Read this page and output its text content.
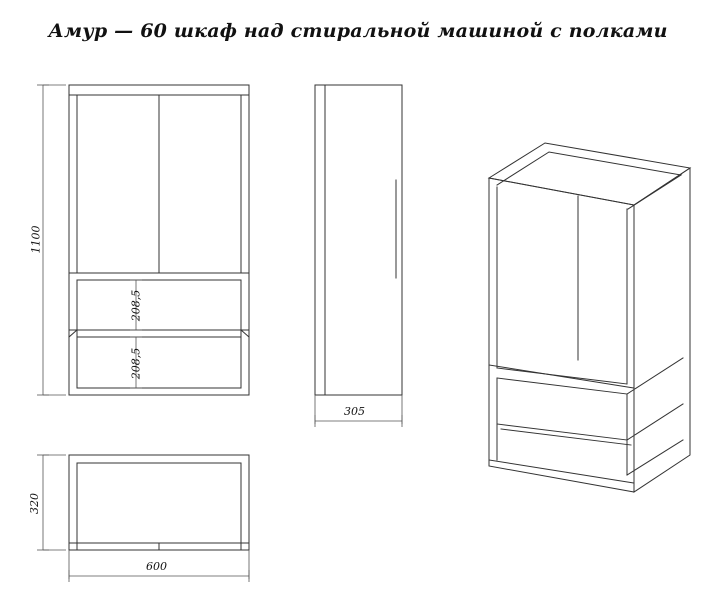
Амур — 60 шкаф над стиральной машиной с полками
1100
208,5
208,5
305
320
600
